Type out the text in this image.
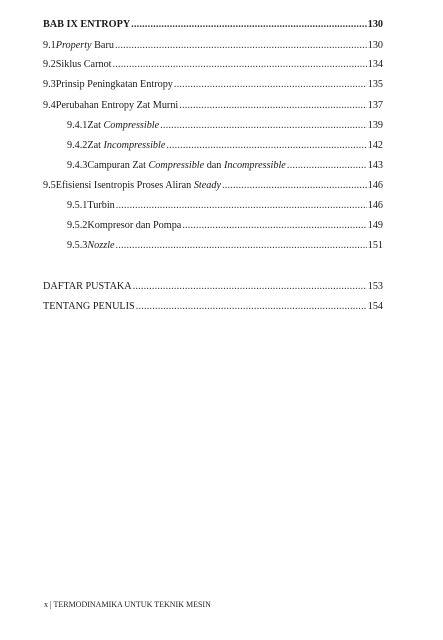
BAB IX ENTROPY .....	130
9.1 Property Baru .....	130
9.2 Siklus Carnot .....	134
9.3 Prinsip Peningkatan Entropy .....	135
9.4 Perubahan Entropy Zat Murni .....	137
9.4.1 Zat Compressible .....	139
9.4.2 Zat Incompressible .....	142
9.4.3 Campuran Zat Compressible dan Incompressible .....	143
9.5 Efisiensi Isentropis Proses Aliran Steady .....	146
9.5.1 Turbin .....	146
9.5.2 Kompresor dan Pompa .....	149
9.5.3 Nozzle .....	151
DAFTAR PUSTAKA .....	153
TENTANG PENULIS .....	154
x | TERMODINAMIKA UNTUK TEKNIK MESIN
